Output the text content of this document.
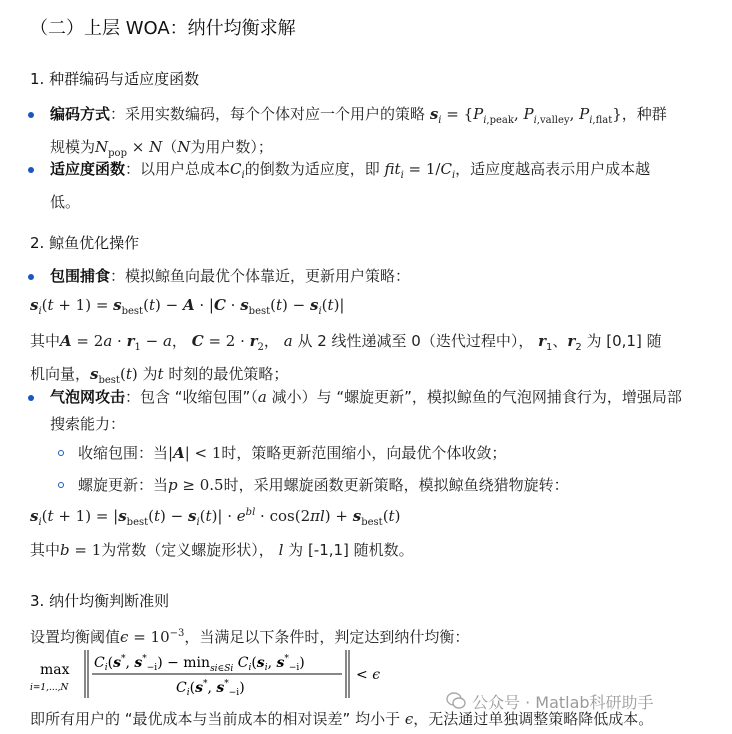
（二）上层 WOA：纳什均衡求解
1. 种群编码与适应度函数
编码方式：采用实数编码，每个个体对应一个用户的策略 $s_i = \{P_{i,peak}$, $P_{i,valley}$, $P_{i,flat}$}，种群
规模为$N_{pop} \times N(N$为用户数）；
适应度函数：以用户总成本$C_i$的倒数为适应度，即 $fit_i = 1/C_i$，适应度越高表示用户成本越
低。
2. 鲸鱼优化操作
包围捕食：模拟鲸鱼向最优个体靠近，更新用户策略：
$s_i(t + 1) = s_{best}(t) - A \cdot |C \cdot s_{best}(t) - s_i(t)|$
其中$A = 2a \cdot r_1 - a$， $C = 2 \cdot r_2$， a 从 2 线性递减至 0（迭代过程中）， $r_1$、$r_2$ 为 [0,1] 随
机向量，$s_{best}(t)$ 为t 时刻的最优策略；
气泡网攻击：包含 “收缩包围”（a 减小）与 “螺旋更新”，模拟鲸鱼的气泡网捕食行为，增强局部
搜索能力：
收缩包围：当|A| < 1时，策略更新范围缩小，向最优个体收敛；
螺旋更新：当p ≥ 0.5时，采用螺旋函数更新策略，模拟鲸鱼绕猎物旋转：
$s_i(t + 1) = |s_{best}(t) - s_i(t)| \cdot e^{bl} \cdot \cos(2\pi l) + s_{best}(t)$
其中b = 1为常数（定义螺旋形状）， l 为 [-1,1] 随机数。
3. 纳什均衡判断准则
设置均衡阈值$\epsilon = 10^{-3}$，当满足以下条件时，判定达到纳什均衡：
max
i=1,...,N
$C_i(s^*$, $s^*_{-i}) - \min_{si\in Si} C_i(s_i$, $s^*_{-i}$)
$C_i(s^*$, $s^*_{-i}$)
< ϵ
公众号 · Matlab科研助手
即所有用户的 “最优成本与当前成本的相对误差” 均小于 ϵ，无法通过单独调整策略降低成本。
